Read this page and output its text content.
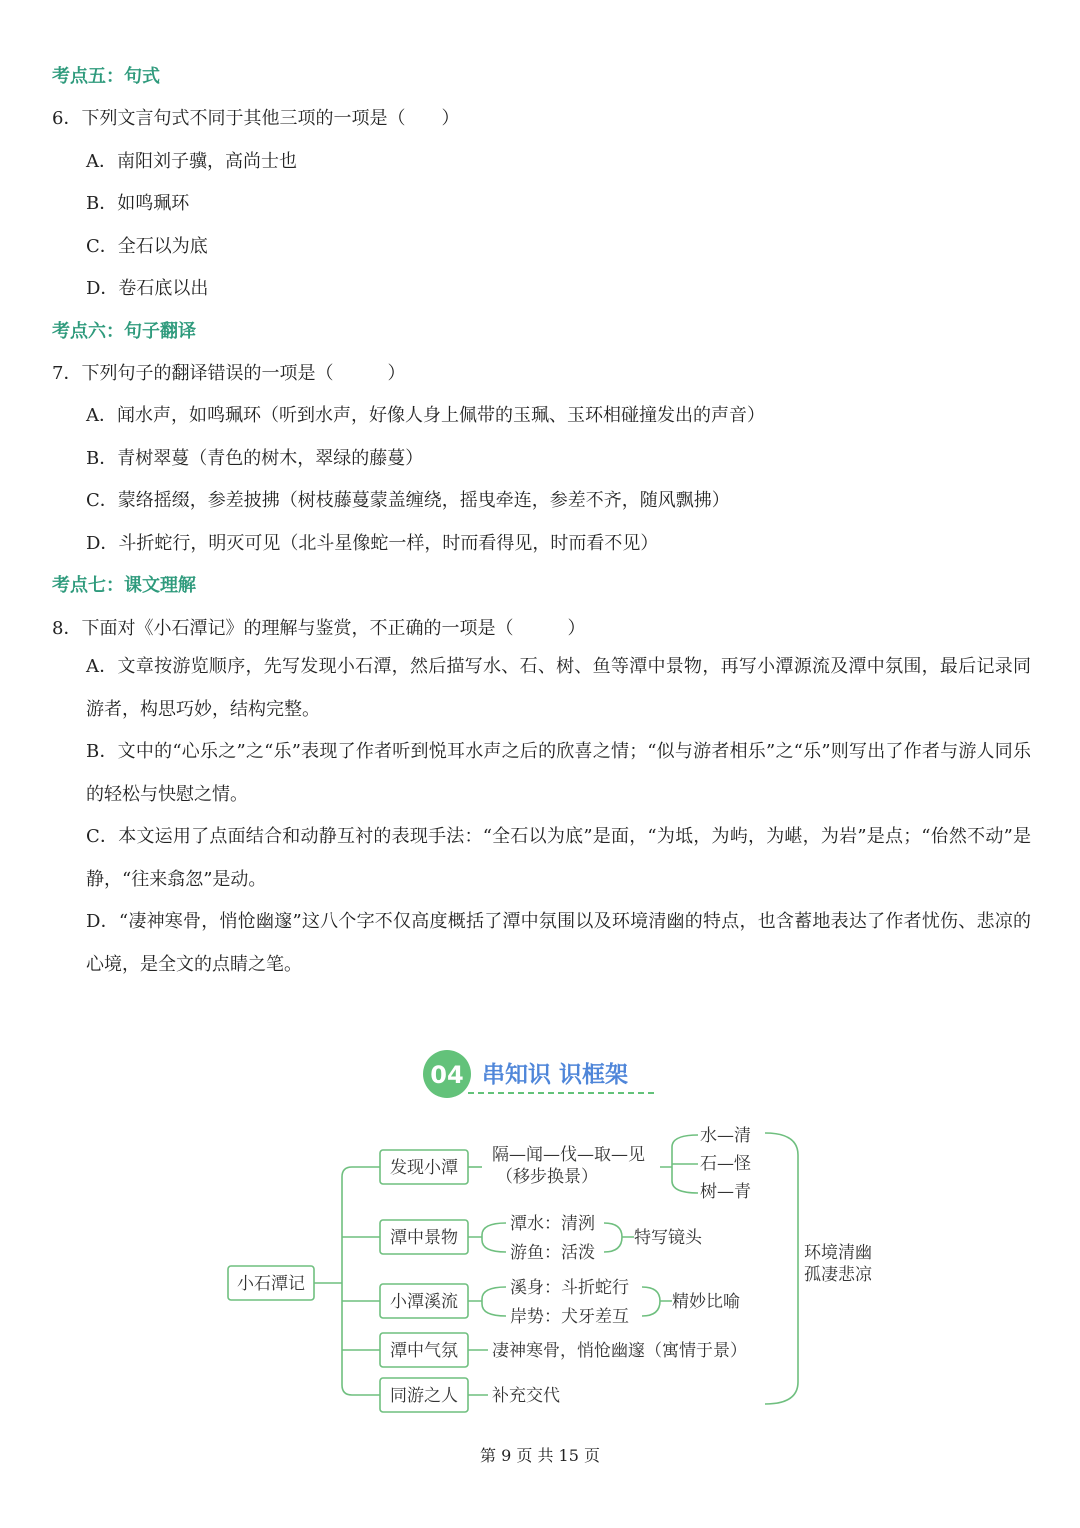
考点五：句式
6．下列文言句式不同于其他三项的一项是（　　）
A．南阳刘子骥，高尚士也
B．如鸣珮环
C．全石以为底
D．卷石底以出
考点六：句子翻译
7．下列句子的翻译错误的一项是（　　　）
A．闻水声，如鸣珮环（听到水声，好像人身上佩带的玉珮、玉环相碰撞发出的声音）
B．青树翠蔓（青色的树木，翠绿的藤蔓）
C．蒙络摇缀，参差披拂（树枝藤蔓蒙盖缠绕，摇曳牵连，参差不齐，随风飘拂）
D．斗折蛇行，明灭可见（北斗星像蛇一样，时而看得见，时而看不见）
考点七：课文理解
8．下面对《小石潭记》的理解与鉴赏，不正确的一项是（　　　）
A．文章按游览顺序，先写发现小石潭，然后描写水、石、树、鱼等潭中景物，再写小潭源流及潭中氛围，最后记录同游者，构思巧妙，结构完整。
B．文中的“心乐之”之“乐”表现了作者听到悦耳水声之后的欣喜之情；“似与游者相乐”之“乐”则写出了作者与游人同乐的轻松与快慰之情。
C．本文运用了点面结合和动静互衬的表现手法：“全石以为底”是面，“为坻，为屿，为嵁，为岩”是点；“佁然不动”是静，“往来翕忽”是动。
D．“凄神寒骨，悄怆幽邃”这八个字不仅高度概括了潭中氛围以及环境清幽的特点，也含蓄地表达了作者忧伤、悲凉的心境，是全文的点睛之笔。
04 串知识 识框架
小石潭记
发现小潭
潭中景物
小潭溪流
潭中气氛
同游之人
隔—闻—伐—取—见
（移步换景）
水—清
石—怪
树—青
潭水：清洌
游鱼：活泼
特写镜头
溪身：斗折蛇行
岸势：犬牙差互
精妙比喻
凄神寒骨，悄怆幽邃（寓情于景）
补充交代
环境清幽
孤凄悲凉
第 9 页 共 15 页
